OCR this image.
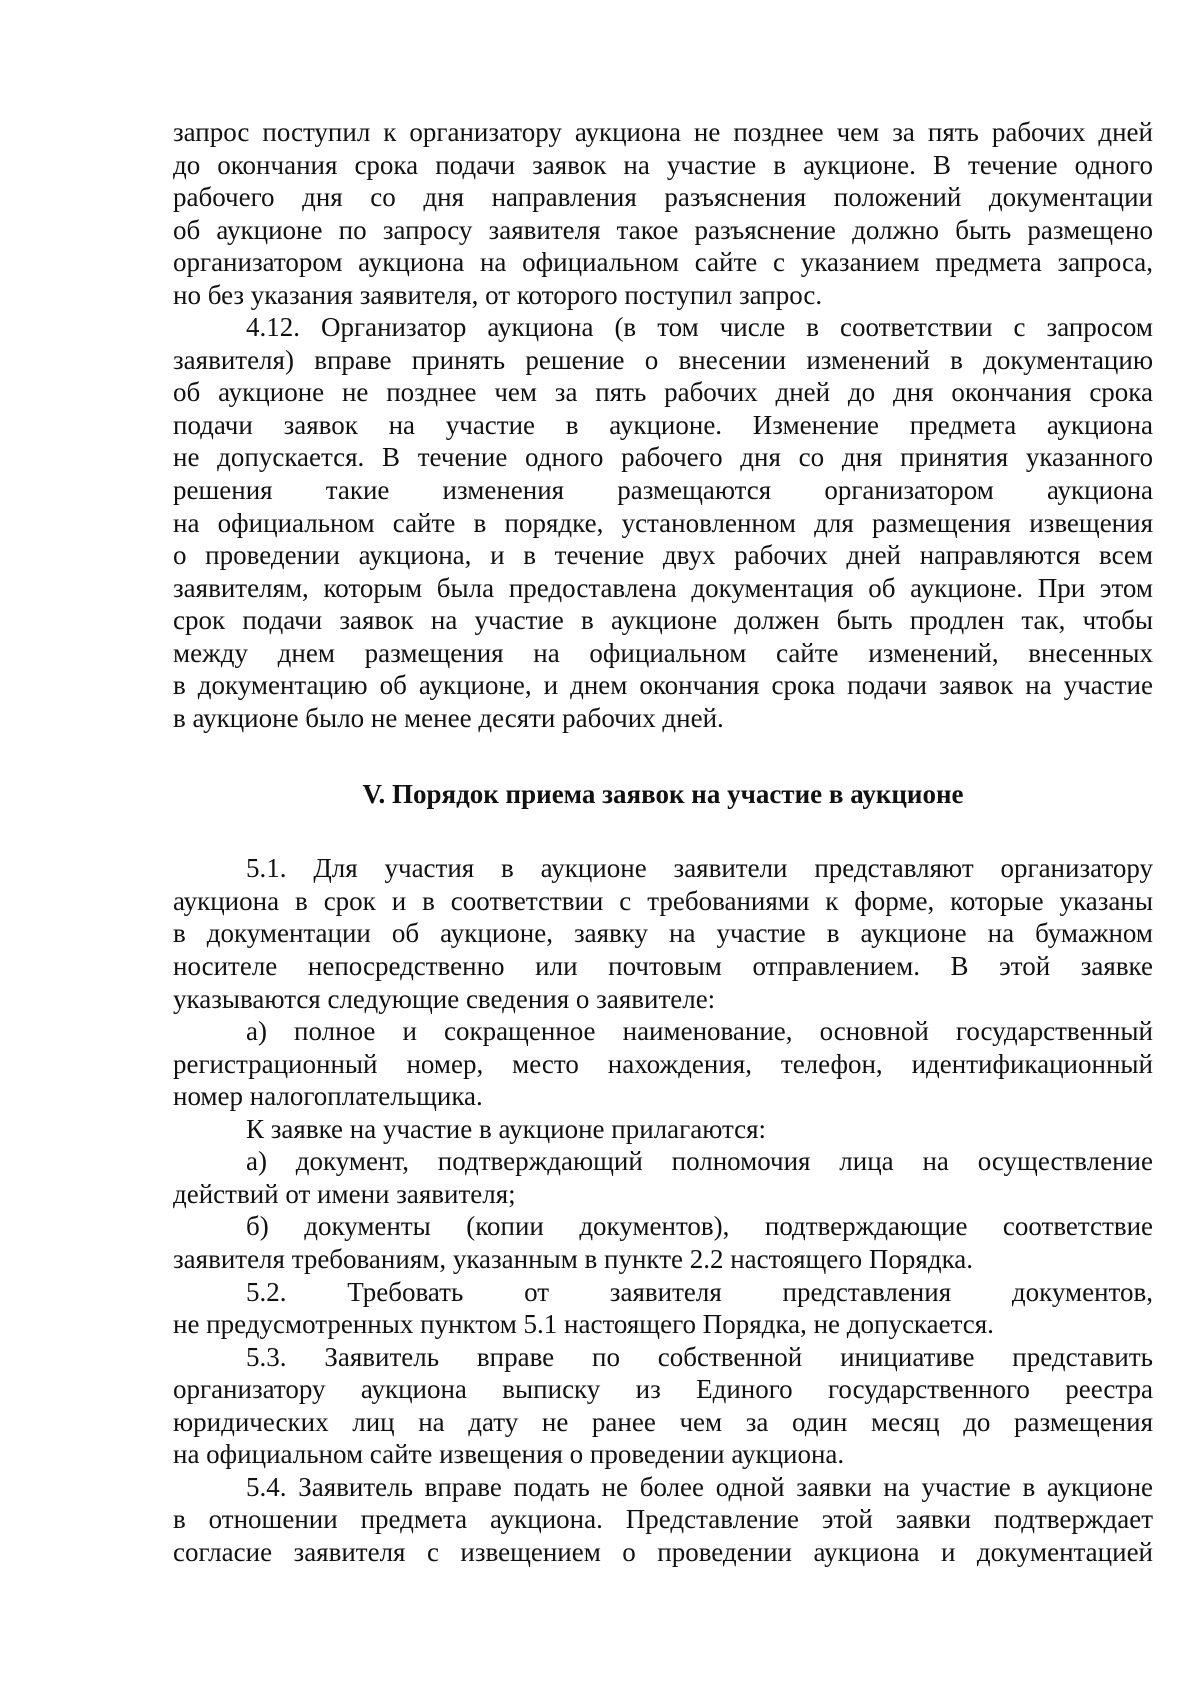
запрос поступил к организатору аукциона не позднее чем за пять рабочих дней
до окончания срока подачи заявок на участие в аукционе. В течение одного
рабочего дня со дня направления разъяснения положений документации
об аукционе по запросу заявителя такое разъяснение должно быть размещено
организатором аукциона на официальном сайте с указанием предмета запроса,
но без указания заявителя, от которого поступил запрос.
4.12. Организатор аукциона (в том числе в соответствии с запросом
заявителя) вправе принять решение о внесении изменений в документацию
об аукционе не позднее чем за пять рабочих дней до дня окончания срока
подачи заявок на участие в аукционе. Изменение предмета аукциона
не допускается. В течение одного рабочего дня со дня принятия указанного
решения такие изменения размещаются организатором аукциона
на официальном сайте в порядке, установленном для размещения извещения
о проведении аукциона, и в течение двух рабочих дней направляются всем
заявителям, которым была предоставлена документация об аукционе. При этом
срок подачи заявок на участие в аукционе должен быть продлен так, чтобы
между днем размещения на официальном сайте изменений, внесенных
в документацию об аукционе, и днем окончания срока подачи заявок на участие
в аукционе было не менее десяти рабочих дней.
V. Порядок приема заявок на участие в аукционе
5.1. Для участия в аукционе заявители представляют организатору
аукциона в срок и в соответствии с требованиями к форме, которые указаны
в документации об аукционе, заявку на участие в аукционе на бумажном
носителе непосредственно или почтовым отправлением. В этой заявке
указываются следующие сведения о заявителе:
а) полное и сокращенное наименование, основной государственный
регистрационный номер, место нахождения, телефон, идентификационный
номер налогоплательщика.
К заявке на участие в аукционе прилагаются:
а) документ, подтверждающий полномочия лица на осуществление
действий от имени заявителя;
б) документы (копии документов), подтверждающие соответствие
заявителя требованиям, указанным в пункте 2.2 настоящего Порядка.
5.2. Требовать от заявителя представления документов,
не предусмотренных пунктом 5.1 настоящего Порядка, не допускается.
5.3. Заявитель вправе по собственной инициативе представить
организатору аукциона выписку из Единого государственного реестра
юридических лиц на дату не ранее чем за один месяц до размещения
на официальном сайте извещения о проведении аукциона.
5.4. Заявитель вправе подать не более одной заявки на участие в аукционе
в отношении предмета аукциона. Представление этой заявки подтверждает
согласие заявителя с извещением о проведении аукциона и документацией
